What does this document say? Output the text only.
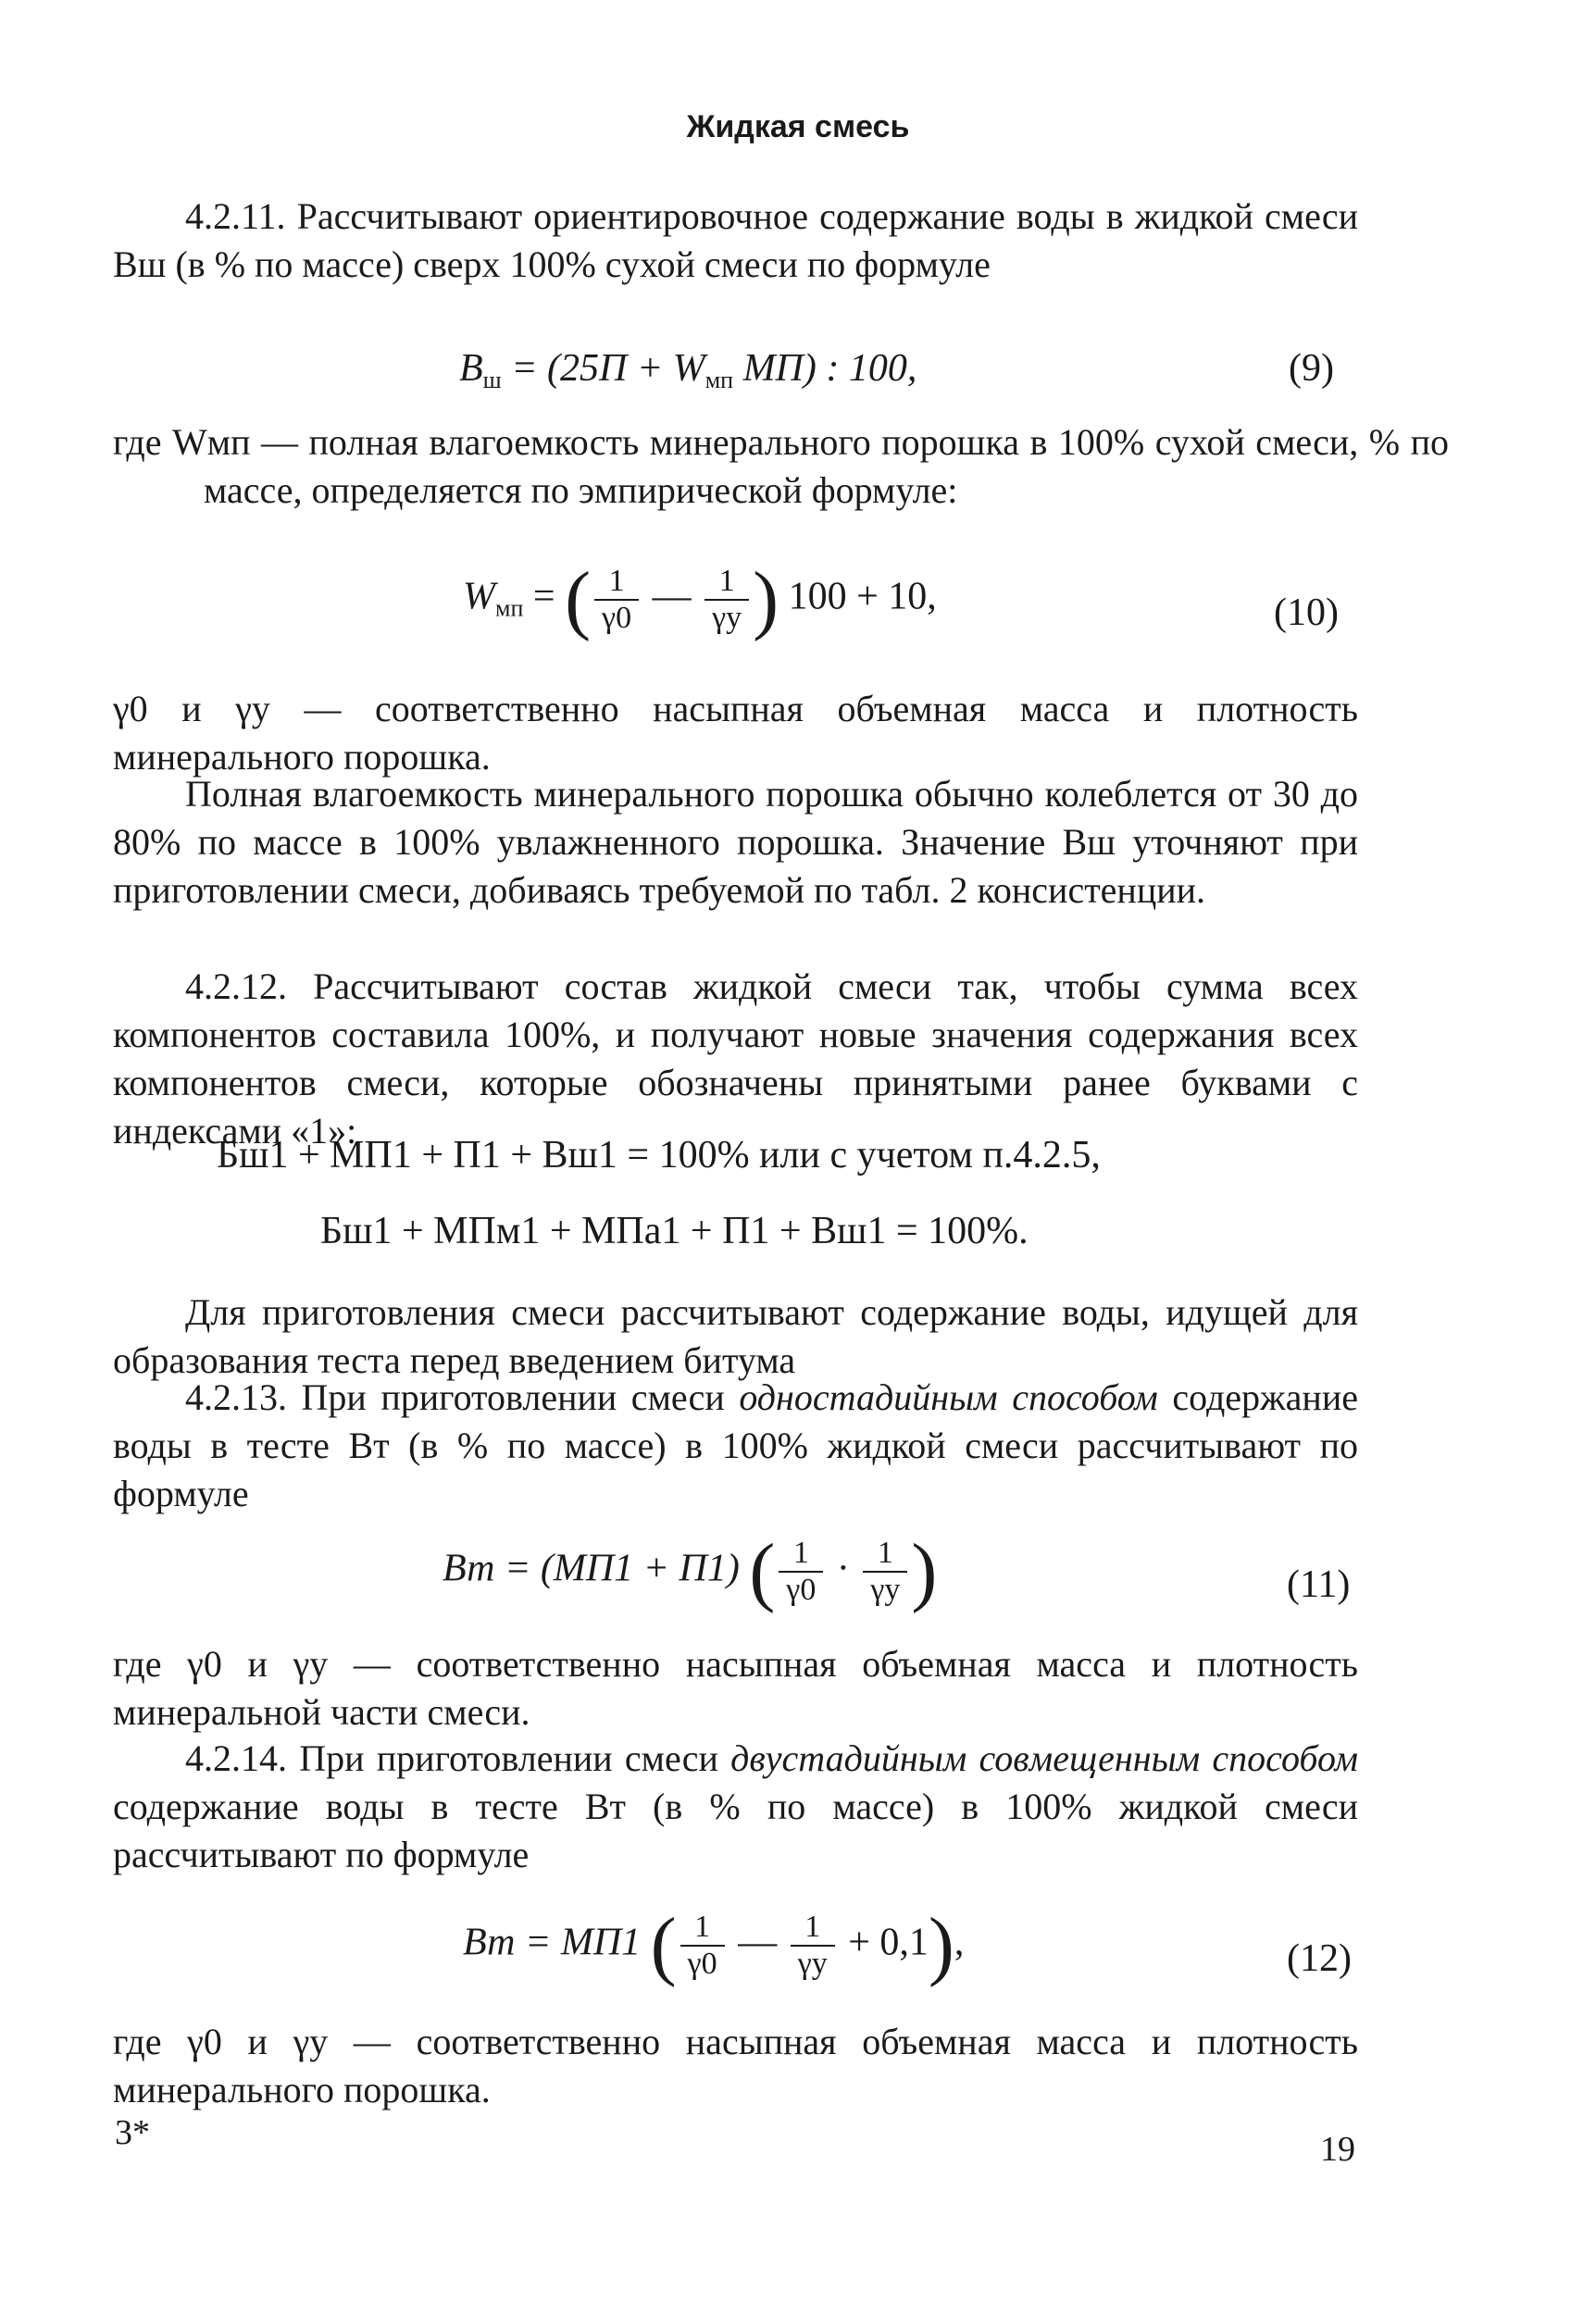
Жидкая смесь
4.2.11. Рассчитывают ориентировочное содержание воды в жидкой смеси Вш (в % по массе) сверх 100% сухой смеси по формуле
$В_ш = (25П + W_{мп}$ МП) : 100,	(9)
где Wмп — полная влагоемкость минерального порошка в 100% сухой смеси, % по массе, определяется по эмпирической формуле:
$W_{мп}$ = ( $\frac{1}{\gamma 0}$ — $\frac{1}{\gamma у}$ ) 100 + 10,	(10)
γ0 и γу — соответственно насыпная объемная масса и плотность минерального порошка.
Полная влагоемкость минерального порошка обычно колеблется от 30 до 80% по массе в 100% увлажненного порошка. Значение Вш уточняют при приготовлении смеси, добиваясь требуемой по табл. 2 консистенции.
4.2.12. Рассчитывают состав жидкой смеси так, чтобы сумма всех компонентов составила 100%, и получают новые значения содержания всех компонентов смеси, которые обозначены принятыми ранее буквами с индексами «1»:
Бш1 + МП1 + П1 + Вш1 = 100% или с учетом п.4.2.5,
Бш1 + МПм1 + МПа1 + П1 + Вш1 = 100%.
Для приготовления смеси рассчитывают содержание воды, идущей для образования теста перед введением битума
4.2.13. При приготовлении смеси одностадийным способом содержание воды в тесте Вт (в % по массе) в 100% жидкой смеси рассчитывают по формуле
Вт = (МП1 + П1) ( $\frac{1}{\gamma 0} \cdot \frac{1}{\gamma у}$ )	(11)
где γ0 и γу — соответственно насыпная объемная масса и плотность минеральной части смеси.
4.2.14. При приготовлении смеси двустадийным совмещенным способом содержание воды в тесте Вт (в % по массе) в 100% жидкой смеси рассчитывают по формуле
Вт = МП1 ( $\frac{1}{\gamma 0}$ — $\frac{1}{\gamma у} + 0,1$),	(12)
где γ0 и γу — соответственно насыпная объемная масса и плотность минерального порошка.
3*	19
